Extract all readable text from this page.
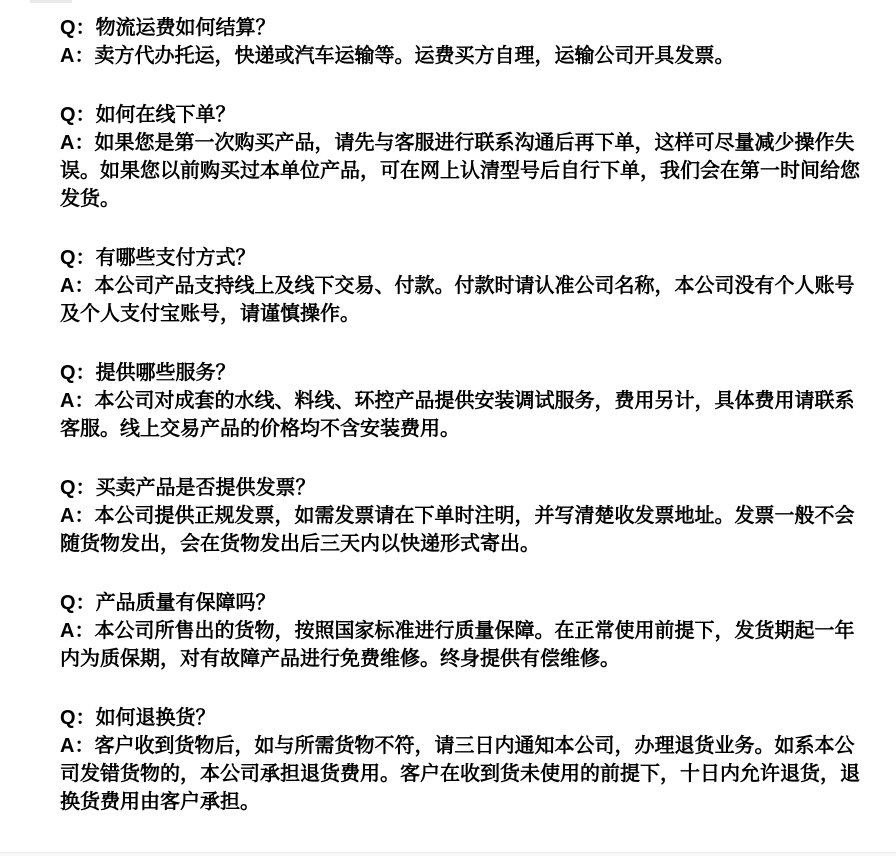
Q：物流运费如何结算？
A：卖方代办托运，快递或汽车运输等。运费买方自理，运输公司开具发票。
Q：如何在线下单？
A：如果您是第一次购买产品，请先与客服进行联系沟通后再下单，这样可尽量减少操作失误。如果您以前购买过本单位产品，可在网上认清型号后自行下单，我们会在第一时间给您发货。
Q：有哪些支付方式？
A：本公司产品支持线上及线下交易、付款。付款时请认准公司名称，本公司没有个人账号及个人支付宝账号，请谨慎操作。
Q：提供哪些服务？
A：本公司对成套的水线、料线、环控产品提供安装调试服务，费用另计，具体费用请联系客服。线上交易产品的价格均不含安装费用。
Q：买卖产品是否提供发票？
A：本公司提供正规发票，如需发票请在下单时注明，并写清楚收发票地址。发票一般不会随货物发出，会在货物发出后三天内以快递形式寄出。
Q：产品质量有保障吗？
A：本公司所售出的货物，按照国家标准进行质量保障。在正常使用前提下，发货期起一年内为质保期，对有故障产品进行免费维修。终身提供有偿维修。
Q：如何退换货？
A：客户收到货物后，如与所需货物不符，请三日内通知本公司，办理退货业务。如系本公司发错货物的，本公司承担退货费用。客户在收到货未使用的前提下，十日内允许退货，退换货费用由客户承担。
